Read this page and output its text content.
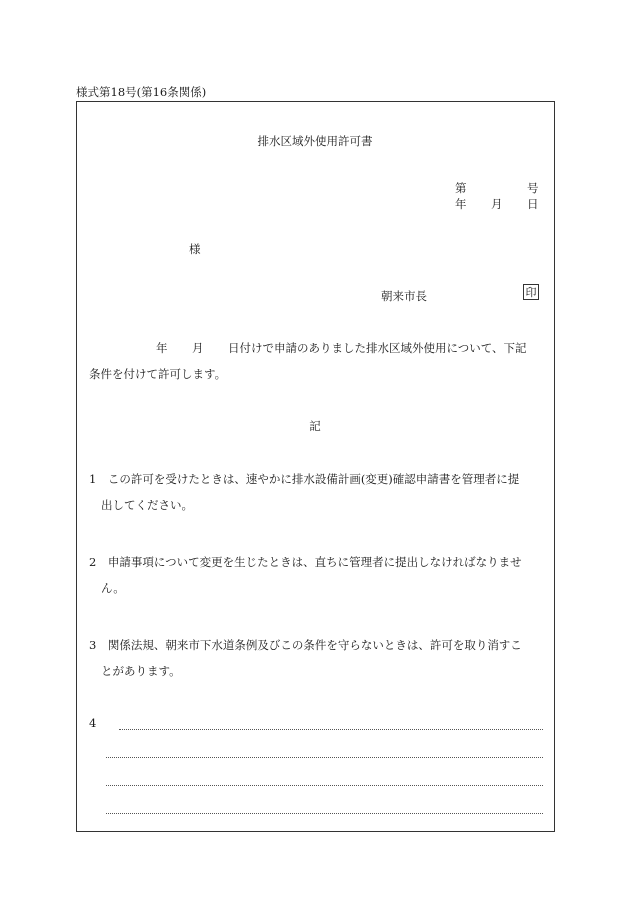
様式第18号(第16条関係)
排水区域外使用許可書
第	号
年 月 日
様
朝来市長	印
年 月 日付けで申請のありました排水区域外使用について、下記
条件を付けて許可します。
記
1　この許可を受けたときは、速やかに排水設備計画(変更)確認申請書を管理者に提
出してください。
2　申請事項について変更を生じたときは、直ちに管理者に提出しなければなりませ
ん。
3　関係法規、朝来市下水道条例及びこの条件を守らないときは、許可を取り消すこ
とがあります。
4
